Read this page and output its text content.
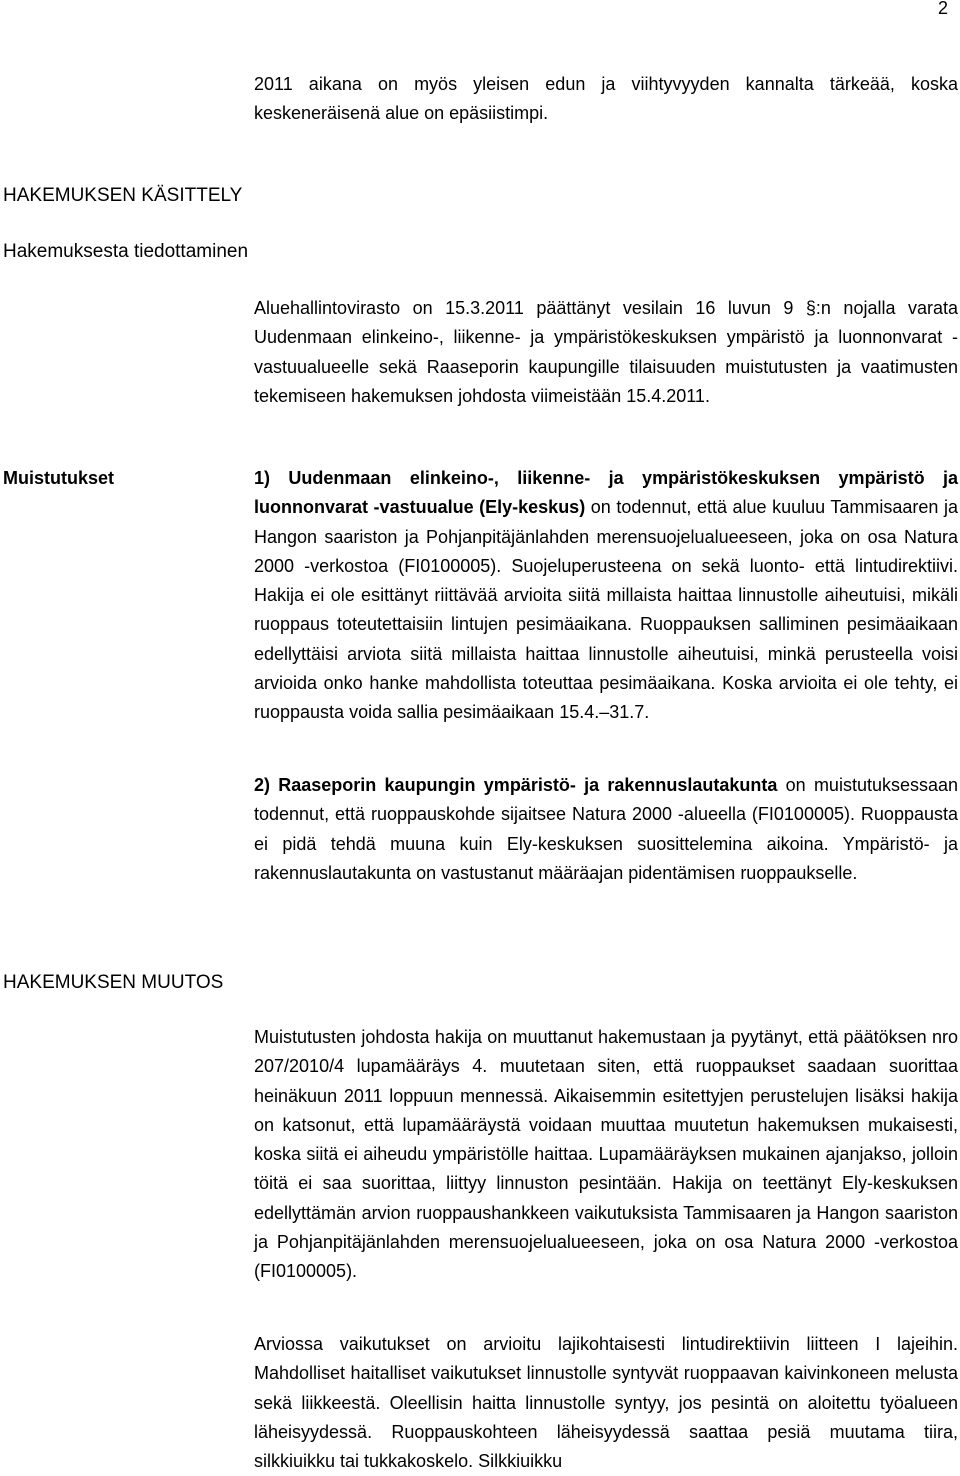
2

2011 aikana on myös yleisen edun ja viihtyvyyden kannalta tärkeää, koska keskeneräisenä alue on epäsiistimpi.

HAKEMUKSEN KÄSITTELY
Hakemuksesta tiedottaminen

Aluehallintovirasto on 15.3.2011 päättänyt vesilain 16 luvun 9 §:n nojalla varata Uudenmaan elinkeino-, liikenne- ja ympäristökeskuksen ympäristö ja luonnonvarat -vastuualueelle sekä Raaseporin kaupungille tilaisuuden muistutusten ja vaatimusten tekemiseen hakemuksen johdosta viimeistään 15.4.2011.

Muistutukset	1) Uudenmaan elinkeino-, liikenne- ja ympäristökeskuksen ympäristö ja luonnonvarat -vastuualue (Ely-keskus) on todennut, että alue kuuluu Tammisaaren ja Hangon saariston ja Pohjanpitäjänlahden merensuojelualueeseen, joka on osa Natura 2000 -verkostoa (FI0100005). Suojeluperusteena on sekä luonto- että lintudirektiivi. Hakija ei ole esittänyt riittävää arvioita siitä millaista haittaa linnustolle aiheutuisi, mikäli ruoppaus toteutettaisiin lintujen pesimäaikana. Ruoppauksen salliminen pesimäaikaan edellyttäisi arviota siitä millaista haittaa linnustolle aiheutuisi, minkä perusteella voisi arvioida onko hanke mahdollista toteuttaa pesimäaikana. Koska arvioita ei ole tehty, ei ruoppausta voida sallia pesimäaikaan 15.4.–31.7.

2) Raaseporin kaupungin ympäristö- ja rakennuslautakunta on muistutuksessaan todennut, että ruoppauskohde sijaitsee Natura 2000 -alueella (FI0100005). Ruoppausta ei pidä tehdä muuna kuin Ely-keskuksen suosittelemina aikoina. Ympäristö- ja rakennuslautakunta on vastustanut määräajan pidentämisen ruoppaukselle.

HAKEMUKSEN MUUTOS

Muistutusten johdosta hakija on muuttanut hakemustaan ja pyytänyt, että päätöksen nro 207/2010/4 lupamääräys 4. muutetaan siten, että ruoppaukset saadaan suorittaa heinäkuun 2011 loppuun mennessä. Aikaisemmin esitettyjen perustelujen lisäksi hakija on katsonut, että lupamääräystä voidaan muuttaa muutetun hakemuksen mukaisesti, koska siitä ei aiheudu ympäristölle haittaa. Lupamääräyksen mukainen ajanjakso, jolloin töitä ei saa suorittaa, liittyy linnuston pesintään. Hakija on teettänyt Ely-keskuksen edellyttämän arvion ruoppaushankkeen vaikutuksista Tammisaaren ja Hangon saariston ja Pohjanpitäjänlahden merensuojelualueeseen, joka on osa Natura 2000 -verkostoa (FI0100005).

Arviossa vaikutukset on arvioitu lajikohtaisesti lintudirektiivin liitteen I lajeihin. Mahdolliset haitalliset vaikutukset linnustolle syntyvät ruoppaavan kaivinkoneen melusta sekä liikkeestä. Oleellisin haitta linnustolle syntyy, jos pesintä on aloitettu työalueen läheisyydessä. Ruoppauskohteen läheisyydessä saattaa pesiä muutama tiira, silkkiuikku tai tukkakoskelo. Silkkiuikku
